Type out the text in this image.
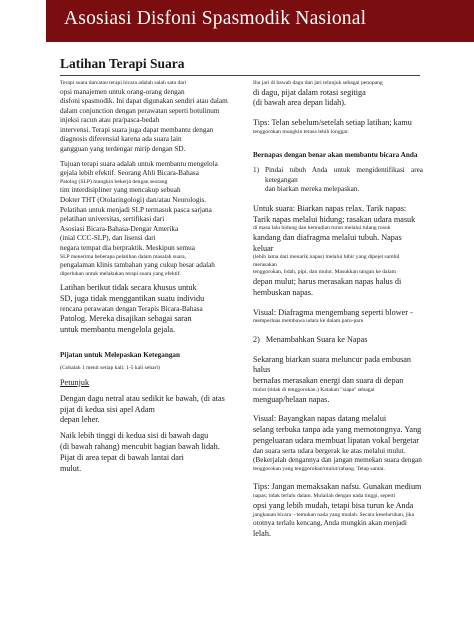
Asosiasi Disfoni Spasmodik Nasional
Latihan Terapi Suara
Terapi suara dan/atau terapi bicara adalah salah satu dari
opsi manajemen untuk orang-orang dengan
disfoni spasmodik. Ini dapat digunakan sendiri atau dalam
dalam conjunction dengan perawatan seperti botulinum
injeksi racun atau pra/pasca-bedah
intervensi. Terapi suara juga dapat membantu dengan
diagnosis diferensial karena ada suara lain
gangguan yang terdengar mirip dengan SD.
Tujuan terapi suara adalah untuk membantu mengelola
gejala lebih efektif. Seorang Ahli Bicara-Bahasa
Patolog (SLP) mungkin bekerja dengan seorang
tim interdisipliner yang mencakup sebuah
Dokter THT (Otolaringologi) dan/atau Neurologis.
Pelatihan untuk menjadi SLP termasuk pasca sarjana
pelatihan universitas, sertifikasi dari
Asosiasi Bicara-Bahasa-Dengar Amerika
(inial CCC-SLP), dan lisensi dari
negara tempat dia berpraktik. Meskipun semua
SLP menerima beberapa pelatihan dalam masalah suara,
pengalaman klinis tambahan yang cukup besar adalah
diperlukan untuk melakukan terapi suara yang efektif.
Latihan berikut tidak secara khusus untuk
SD, juga tidak menggantikan suatu individu
rencana perawatan dengan Terapis Bicara-Bahasa
Patolog. Mereka disajikan sebagai saran
untuk membantu mengelola gejala.
Pijatan untuk Melepaskan Ketegangan
(Cobalah 1 menit setiap kali; 1-5 kali sehari)
Petunjuk
Dengan dagu netral atau sedikit ke bawah, (di atas
pijat di kedua sisi apel Adam
depan leher.
Naik lebih tinggi di kedua sisi di bawah dagu
(di bawah rahang) mencubit bagian bawah lidah.
Pijat di area tepat di bawah lantai dari
mulut.
Ibu jari di bawah dagu dan jari telunjuk sebagai penopang
di dagu, pijat dalam rotasi segitiga
(di bawah area depan lidah).
Tips: Telan sebelum/setelah setiap latihan; kamu
tenggorokan mungkin terasa lebih longgar.
Bernapas dengan benar akan membantu bicara Anda
1) Pindai tubuh Anda untuk mengidentifikasi area ketegangan
dan biarkan mereka melepaskan.
Untuk suara: Biarkan napas relax. Tarik napas:
Tarik napas melalui hidung; rasakan udara masuk
di masa lalu hidung dan kemudian turun melalui tulang rusuk
kandang dan diafragma melalui tubuh. Napas keluar
(lebih lama dari menarik napas) melalui bibir yang dipejet sambil merasakan
tenggorokan, lidah, pipi, dan mulut. Masukkan tangan ke dalam
depan mulut; harus merasakan napas halus di
hembuskan napas.
Visual: Diafragma mengembang seperti blower -
memperluas membawa udara ke dalam paru-paru
2) Menambahkan Suara ke Napas
Sekarang biarkan suara meluncur pada embusan halus
bernafas merasakan energi dan suara di depan
mulut (tidak di tenggorokan.) Katakan "siapa" sebagai
menguap/helaan napas.
Visual: Bayangkan napas datang melalui
selang terbuka tanpa ada yang memotongnya. Yang
pengeluaran udara membuat lipatan vokal bergetar
dan suara serta udara bergerak ke atas melalui mulut.
(Bekerjalah dengannya dan jangan memekan suara dengan
tenggorokan yang tenggorokan/mulut/rahang. Tetap santai.
Tips: Jangan memaksakan nafsu. Gunakan medium
napas; tidak terlalu dalam. Mulailah dengan nada tinggi, seperti
opsi yang lebih mudah, tetapi bisa turun ke Anda
jangkauan bicara – temukan nada yang mudah. Secara keseluruhan, jika
ototnya terlalu kencang, Anda mungkin akan menjadi
lelah.
